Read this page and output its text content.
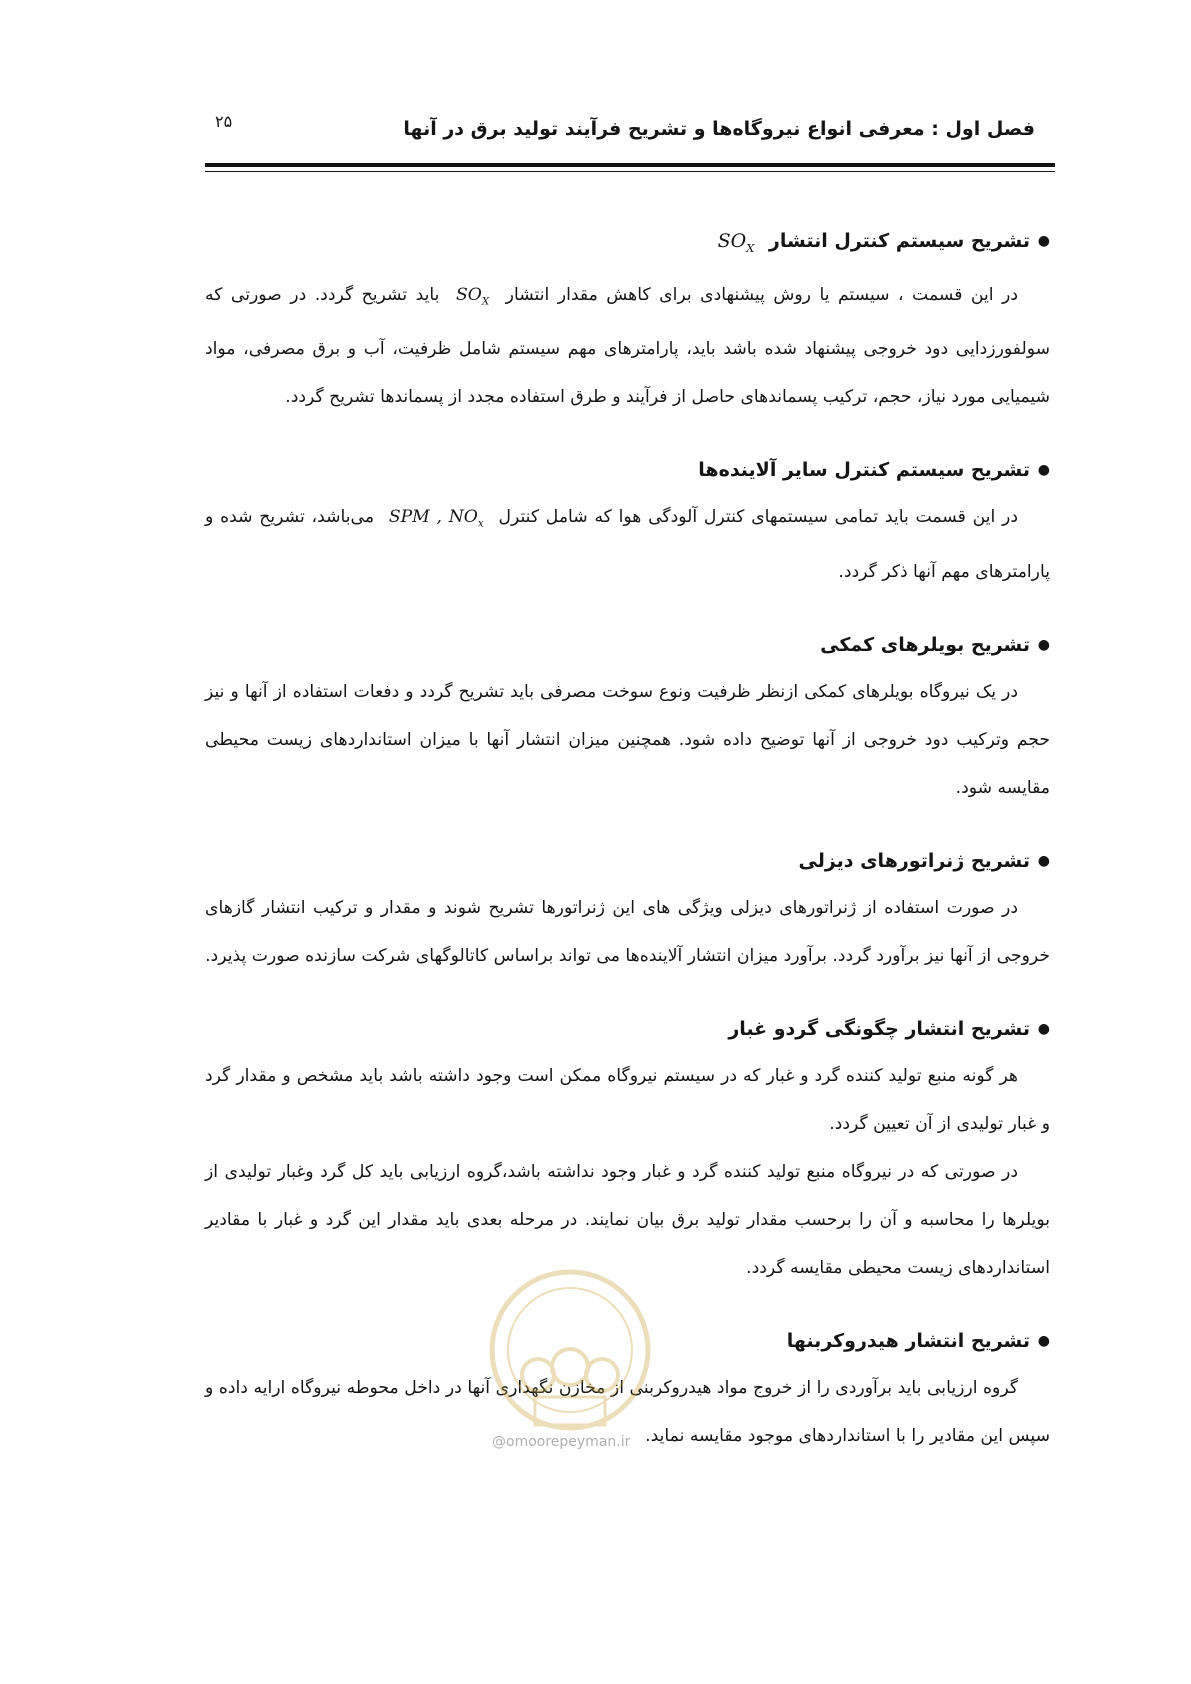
فصل اول : معرفی انواع نیروگاه‌ها و تشریح فرآیند تولید برق در آنها
۲۵
●
تشریح سیستم کنترل انتشار $SO_X$

در این قسمت ، سیستم یا روش پیشنهادی برای کاهش مقدار انتشار $SO_X$ باید تشریح گردد. در صورتی که سولفورزدایی دود خروجی پیشنهاد شده باشد باید، پارامترهای مهم سیستم شامل ظرفیت، آب و برق مصرفی، مواد شیمیایی مورد نیاز، حجم، ترکیب پسماندهای حاصل از فرآیند و طرق استفاده مجدد از پسماندها تشریح گردد.

●
تشریح سیستم کنترل سایر آلاینده‌ها

در این قسمت باید تمامی سیستمهای کنترل آلودگی هوا که شامل کنترل SPM , $NO_x$ می‌باشد، تشریح شده و پارامترهای مهم آنها ذکر گردد.

●
تشریح بویلرهای کمکی

در یک نیروگاه بویلرهای کمکی ازنظر ظرفیت ونوع سوخت مصرفی باید تشریح گردد و دفعات استفاده از آنها و نیز حجم وترکیب دود خروجی از آنها توضیح داده شود. همچنین میزان انتشار آنها با میزان استانداردهای زیست محیطی مقایسه شود.

●
تشریح ژنراتورهای دیزلی

در صورت استفاده از ژنراتورهای دیزلی ویژگی های این ژنراتورها تشریح شوند و مقدار و ترکیب انتشار گازهای خروجی از آنها نیز برآورد گردد. برآورد میزان انتشار آلاینده‌ها می تواند براساس کاتالوگهای شرکت سازنده صورت پذیرد.

●
تشریح انتشار چگونگی گردو غبار

هر گونه منبع تولید کننده گرد و غبار که در سیستم نیروگاه ممکن است وجود داشته باشد باید مشخص و مقدار گرد و غبار تولیدی از آن تعیین گردد.

در صورتی که در نیروگاه منبع تولید کننده گرد و غبار وجود نداشته باشد،گروه ارزیابی باید کل گرد وغبار تولیدی از بویلرها را محاسبه و آن را برحسب مقدار تولید برق بیان نمایند. در مرحله بعدی باید مقدار این گرد و غبار با مقادیر استانداردهای زیست محیطی مقایسه گردد.

●
تشریح انتشار هیدروکربنها

گروه ارزیابی باید برآوردی را از خروج مواد هیدروکربنی از مخازن نگهداری آنها در داخل محوطه نیروگاه ارایه داده و سپس این مقادیر را با استانداردهای موجود مقایسه نماید.

@omoorepeyman.ir
